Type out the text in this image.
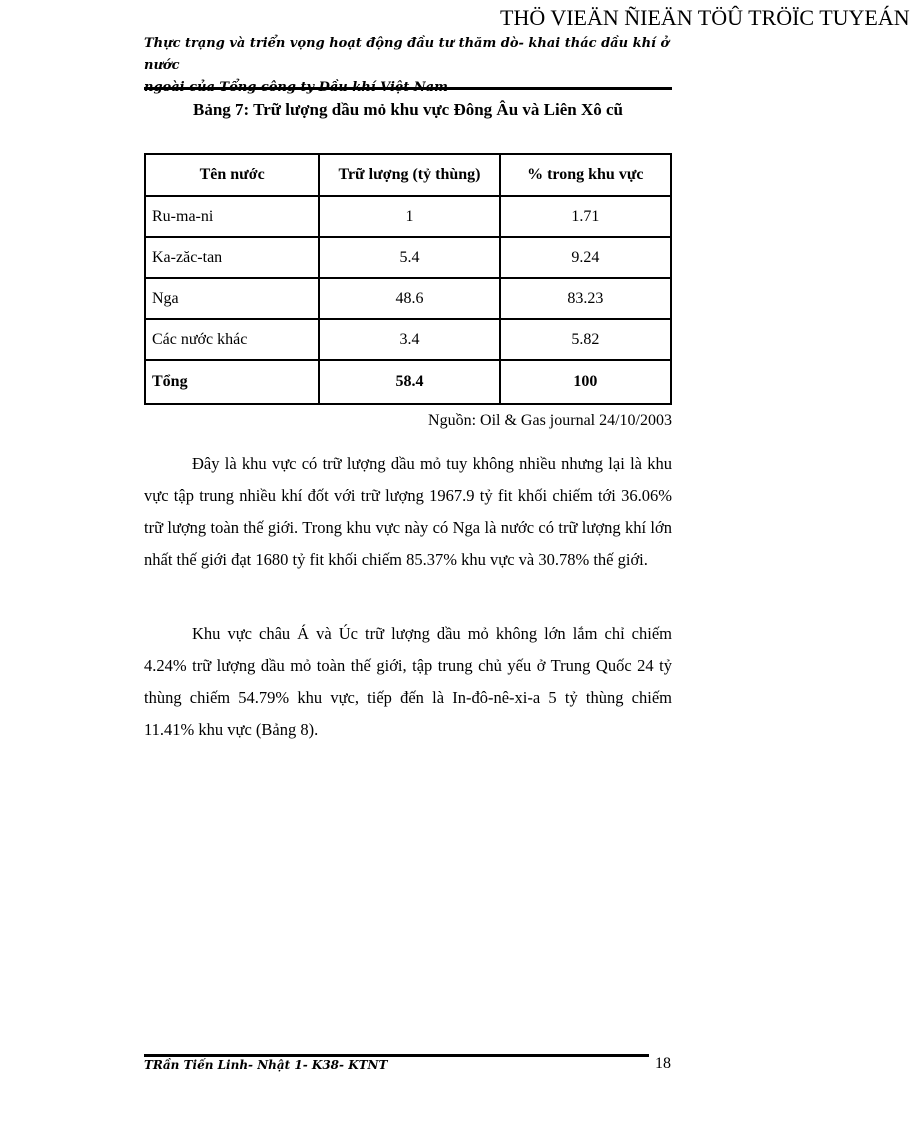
THÖ VIEÄN ÑIEÄN TÖÛ TRÖÏC TUYEÁN
Thực trạng và triển vọng hoạt động đầu tư thăm dò- khai thác dầu khí ở nước
Bảng 7: Trữ lượng dầu mỏ khu vực Đông Âu và Liên Xô cũ
Tên nước	Trữ lượng (tỷ thùng)	% trong khu vực
Ru-ma-ni	1	1.71
Ka-zăc-tan	5.4	9.24
Nga	48.6	83.23
Các nước khác	3.4	5.82
Tổng	58.4	100
Nguồn: Oil & Gas journal 24/10/2003

Đây là khu vực có trữ lượng dầu mỏ tuy không nhiều nhưng lại là khu vực tập trung nhiều khí đốt với trữ lượng 1967.9 tỷ fit khối chiếm tới 36.06% trữ lượng toàn thế giới. Trong khu vực này có Nga là nước có trữ lượng khí lớn nhất thế giới đạt 1680 tỷ fit khối chiếm 85.37% khu vực và 30.78% thế giới.

Khu vực châu Á và Úc trữ lượng dầu mỏ không lớn lắm chỉ chiếm 4.24% trữ lượng dầu mỏ toàn thế giới, tập trung chủ yếu ở Trung Quốc 24 tỷ thùng chiếm 54.79% khu vực, tiếp đến là In-đô-nê-xi-a 5 tỷ thùng chiếm 11.41% khu vực (Bảng 8).

TRần Tiến Linh- Nhật 1- K38- KTNT	18
